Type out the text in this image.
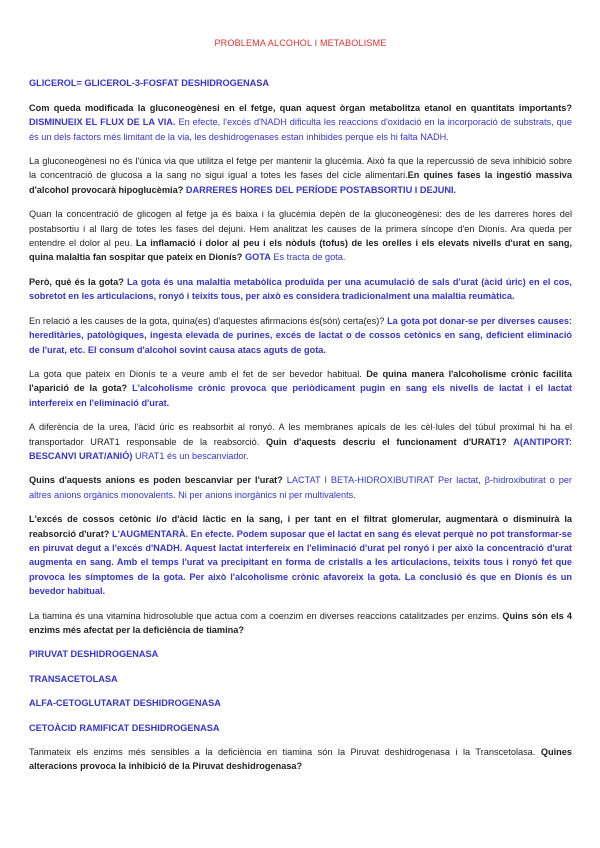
PROBLEMA ALCOHOL I METABOLISME

GLICEROL= GLICEROL-3-FOSFAT DESHIDROGENASA

Com queda modificada la gluconeogènesi en el fetge, quan aquest òrgan metabolitza etanol en quantitats importants? DISMINUEIX EL FLUX DE LA VIA. En efecte, l'excés d'NADH dificulta les reaccions d'oxidació en la incorporació de substrats, que és un dels factors més limitant de la via, les deshidrogenases estan inhibides perque els hi falta NADH.

La gluconeogènesi no és l'única via que utilitza el fetge per mantenir la glucèmia. Això fa que la repercussió de seva inhibició sobre la concentració de glucosa a la sang no sigui igual a totes les fases del cicle alimentari.En quines fases la ingestió massiva d'alcohol provocarà hipoglucèmia? DARRERES HORES DEL PERÍODE POSTABSORTIU I DEJUNI.

Quan la concentració de glicogen al fetge ja és baixa i la glucèmia depèn de la gluconeogènesi: des de les darreres hores del postabsortiu i al llarg de totes les fases del dejuni. Hem analitzat les causes de la primera síncope d'en Dionís. Ara queda per entendre el dolor al peu. La inflamació i dolor al peu i els nòduls (tofus) de les orelles i els elevats nivells d'urat en sang, quina malaltia fan sospitar que pateix en Dionís? GOTA Es tracta de gota.

Però, què és la gota? La gota és una malaltia metabòlica produïda per una acumulació de sals d'urat (àcid úric) en el cos, sobretot en les articulacions, ronyó i teixits tous, per això es considera tradicionalment una malaltia reumàtica.

En relació a les causes de la gota, quina(es) d'aquestes afirmacions és(són) certa(es)? La gota pot donar-se per diverses causes: hereditàries, patològiques, ingesta elevada de purines, excés de lactat o de cossos cetònics en sang, deficient eliminació de l'urat, etc. El consum d'alcohol sovint causa atacs aguts de gota.

La gota que pateix en Dionís te a veure amb el fet de ser bevedor habitual. De quina manera l'alcoholisme crònic facilita l'aparició de la gota? L'alcoholisme crònic provoca que periòdicament pugin en sang els nivells de lactat i el lactat interfereix en l'eliminació d'urat.

A diferència de la urea, l'àcid úric es reabsorbit al ronyó. A les membranes apicals de les cèl·lules del túbul proximal hi ha el transportador URAT1 responsable de la reabsorció. Quin d'aquests descriu el funcionament d'URAT1? A(ANTIPORT: BESCANVI URAT/ANIÓ) URAT1 és un bescanviador.

Quins d'aquests anions es poden bescanviar per l'urat? LACTAT I BETA-HIDROXIBUTIRAT Per lactat, β-hidroxibutirat o per altres anions orgànics monovalents. Ni per anions inorgànics ni per multivalents.

L'excés de cossos cetònic i/o d'àcid làctic en la sang, i per tant en el filtrat glomerular, augmentarà o disminuirà la reabsorció d'urat? L'AUGMENTARÀ. En efecte. Podem suposar que el lactat en sang és elevat perquè no pot transformar-se en piruvat degut a l'excés d'NADH. Aquest lactat interfereix en l'eliminació d'urat pel ronyó i per això la concentració d'urat augmenta en sang. Amb el temps l'urat va precipitant en forma de cristalls a les articulacions, teixits tous i ronyó fet que provoca les símptomes de la gota. Per això l'alcoholisme crònic afavoreix la gota. La conclusió és que en Dionís és un bevedor habitual.

La tiamina és una vitamina hidrosoluble que actua com a coenzim en diverses reaccions catalitzades per enzims. Quins són els 4 enzims més afectat per la deficiència de tiamina?

PIRUVAT DESHIDROGENASA

TRANSACETOLASA

ALFA-CETOGLUTARAT DESHIDROGENASA

CETOÀCID RAMIFICAT DESHIDROGENASA

Tanmateix els enzims més sensibles a la deficiència en tiamina són la Piruvat deshidrogenasa i la Transcetolasa. Quines alteracions provoca la inhibició de la Piruvat deshidrogenasa?
